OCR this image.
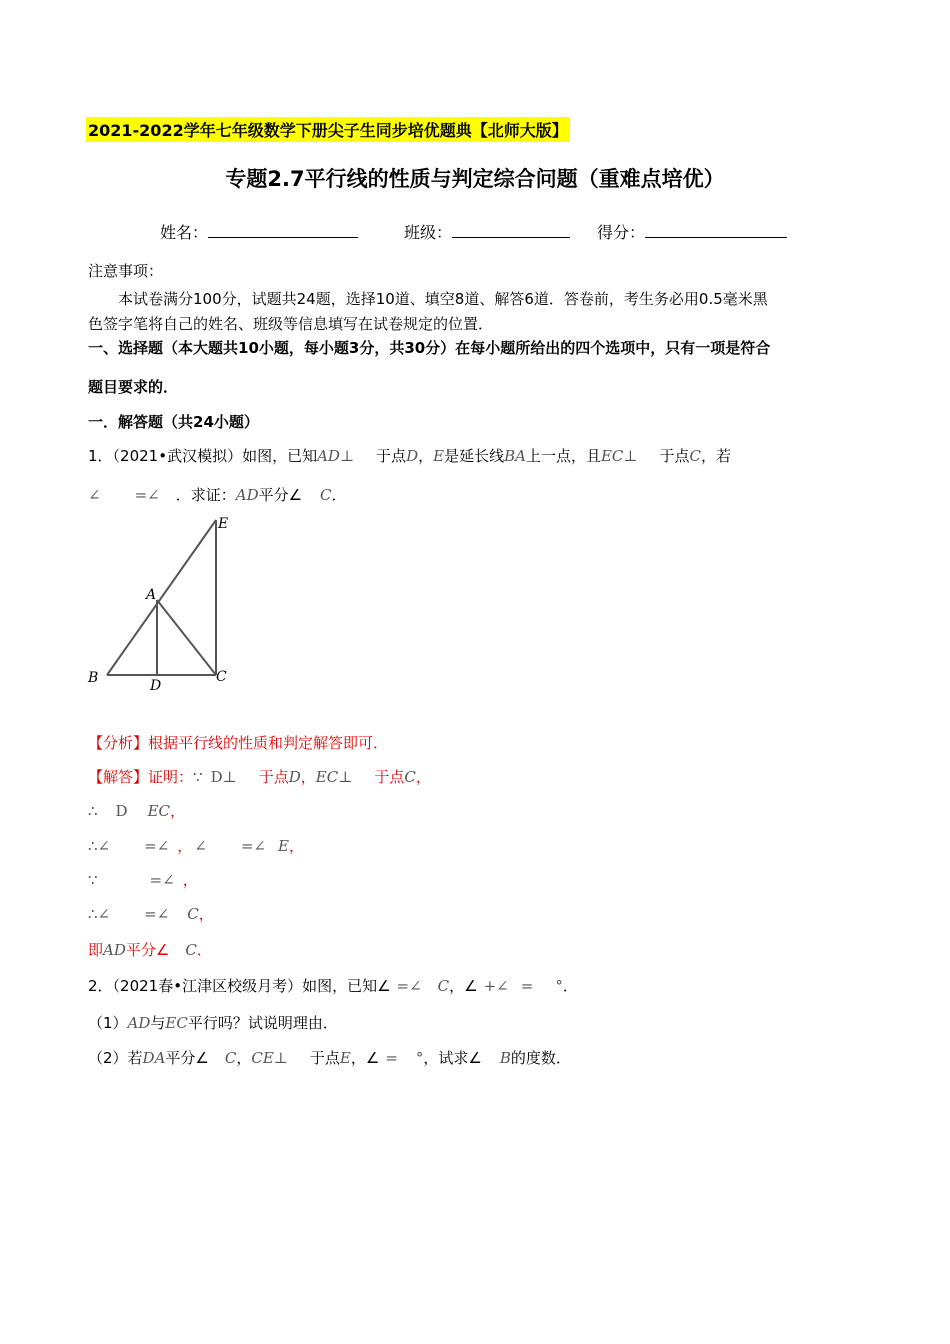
2021-2022学年七年级数学下册尖子生同步培优题典【北师大版】
专题2.7平行线的性质与判定综合问题（重难点培优）
姓名：	班级：	得分：
注意事项：
本试卷满分100分，试题共24题，选择10道、填空8道、解答6道．答卷前，考生务必用0.5毫米黑
色签字笔将自己的姓名、班级等信息填写在试卷规定的位置．
一、选择题（本大题共10小题，每小题3分，共30分）在每小题所给出的四个选项中，只有一项是符合
题目要求的．
一．解答题（共24小题）
1．（2021•武汉模拟）如图，已知AD⊥ 于点D，E是延长线BA上一点，且EC⊥ 于点C，若
∠ =∠ ．求证：AD平分∠ C．
A
B	C
D
E
【分析】根据平行线的性质和判定解答即可．
【解答】证明：∵ D⊥ 于点D，EC⊥ 于点C，
∴ D EC，
∴∠ =∠ ， ∠ =∠ E，
∵	=∠ ，
∴∠ =∠ C，
即AD平分∠ C．
2．（2021春•江津区校级月考）如图，已知∠ =∠ C，∠ +∠ = °．
（1）AD与EC平行吗？试说明理由．
（2）若DA平分∠ C，CE⊥ 于点E，∠ = °，试求∠ B的度数．
